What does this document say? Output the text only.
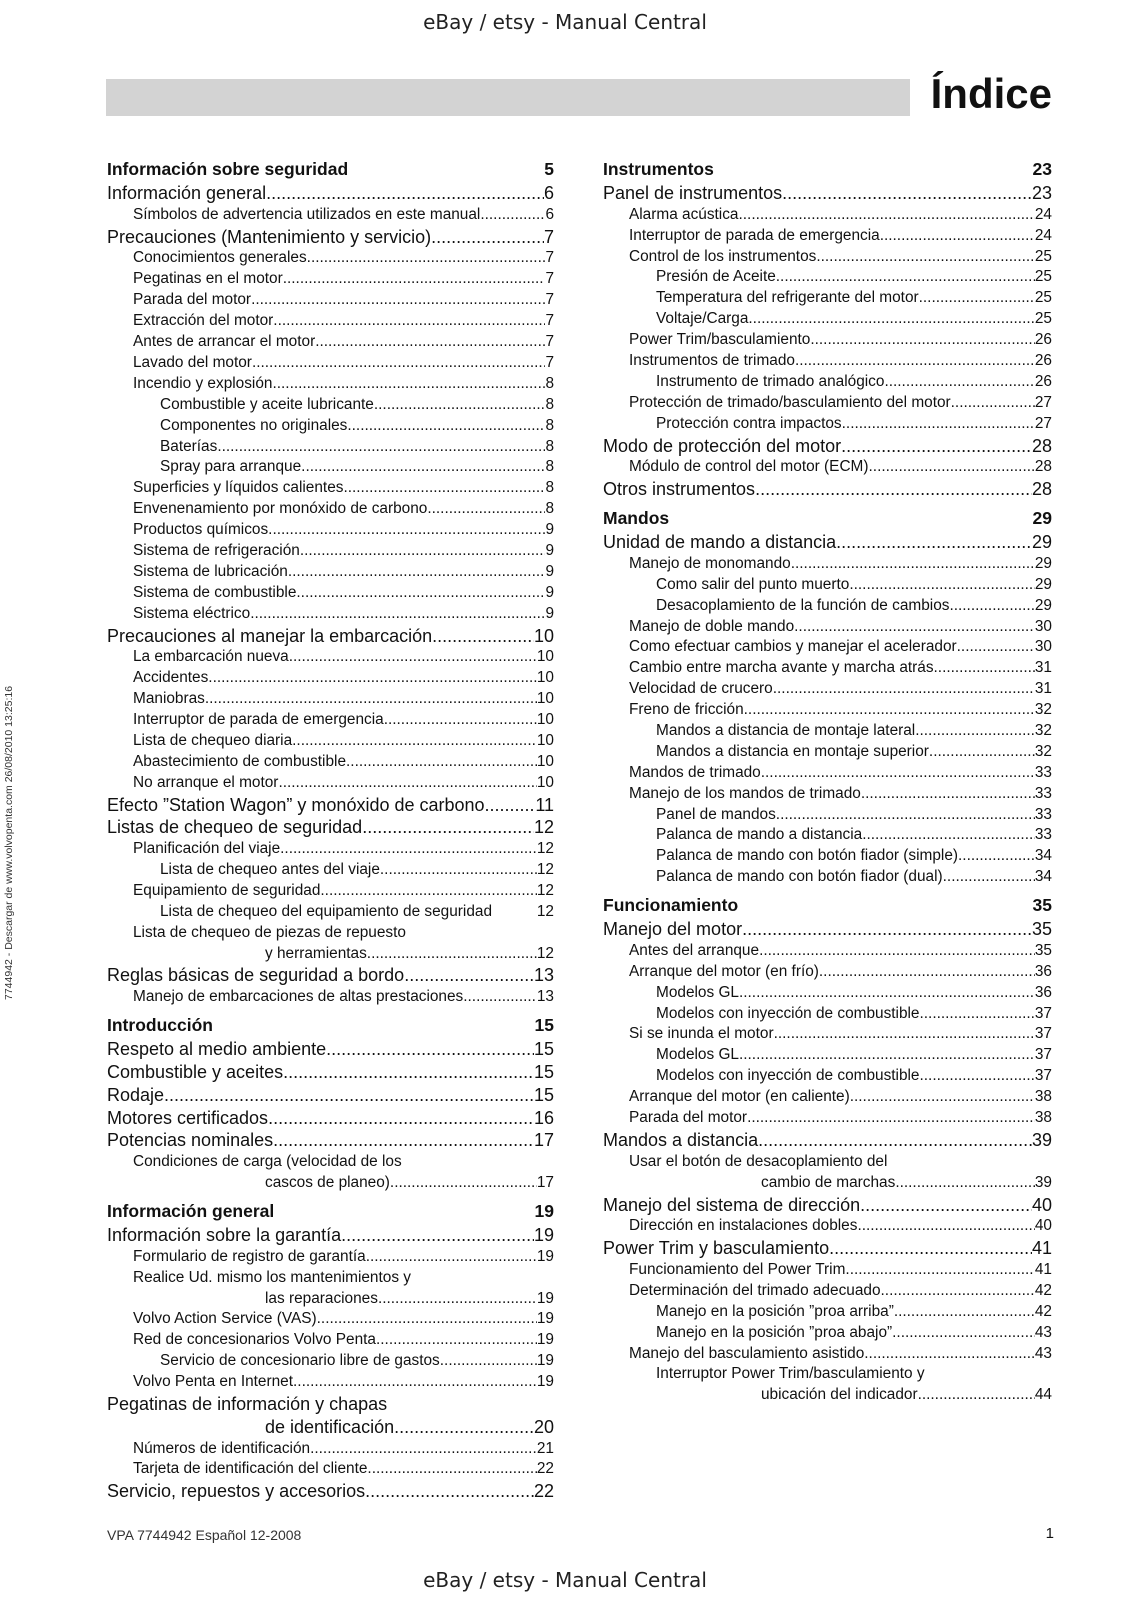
eBay / etsy - Manual Central
7744942 - Descargar de www.volvopenta.com 26/08/2010 13:25:16
Índice
Información sobre seguridad	5
Información general .....	6
Símbolos de advertencia utilizados en este manual .....	6
Precauciones (Mantenimiento y servicio) .....	7
Conocimientos generales .....	7
Pegatinas en el motor .....	7
Parada del motor .....	7
Extracción del motor .....	7
Antes de arrancar el motor .....	7
Lavado del motor .....	7
Incendio y explosión .....	8
Combustible y aceite lubricante .....	8
Componentes no originales .....	8
Baterías .....	8
Spray para arranque .....	8
Superficies y líquidos calientes .....	8
Envenenamiento por monóxido de carbono .....	8
Productos químicos .....	9
Sistema de refrigeración .....	9
Sistema de lubricación .....	9
Sistema de combustible .....	9
Sistema eléctrico .....	9
Precauciones al manejar la embarcación .....	10
La embarcación nueva .....	10
Accidentes .....	10
Maniobras .....	10
Interruptor de parada de emergencia .....	10
Lista de chequeo diaria .....	10
Abastecimiento de combustible .....	10
No arranque el motor .....	10
Efecto ”Station Wagon” y monóxido de carbono .....	11
Listas de chequeo de seguridad .....	12
Planificación del viaje .....	12
Lista de chequeo antes del viaje .....	12
Equipamiento de seguridad .....	12
Lista de chequeo del equipamiento de seguridad	12
Lista de chequeo de piezas de repuesto
y herramientas .....	12
Reglas básicas de seguridad a bordo .....	13
Manejo de embarcaciones de altas prestaciones .....	13
Introducción	15
Respeto al medio ambiente .....	15
Combustible y aceites .....	15
Rodaje .....	15
Motores certificados .....	16
Potencias nominales .....	17
Condiciones de carga (velocidad de los
cascos de planeo) .....	17
Información general	19
Información sobre la garantía .....	19
Formulario de registro de garantía .....	19
Realice Ud. mismo los mantenimientos y
las reparaciones .....	19
Volvo Action Service (VAS) .....	19
Red de concesionarios Volvo Penta .....	19
Servicio de concesionario libre de gastos .....	19
Volvo Penta en Internet .....	19
Pegatinas de información y chapas
de identificación .....	20
Números de identificación .....	21
Tarjeta de identificación del cliente .....	22
Servicio, repuestos y accesorios .....	22
Instrumentos	23
Panel de instrumentos .....	23
Alarma acústica .....	24
Interruptor de parada de emergencia .....	24
Control de los instrumentos .....	25
Presión de Aceite .....	25
Temperatura del refrigerante del motor .....	25
Voltaje/Carga .....	25
Power Trim/basculamiento .....	26
Instrumentos de trimado .....	26
Instrumento de trimado analógico .....	26
Protección de trimado/basculamiento del motor .....	27
Protección contra impactos .....	27
Modo de protección del motor .....	28
Módulo de control del motor (ECM) .....	28
Otros instrumentos .....	28
Mandos	29
Unidad de mando a distancia .....	29
Manejo de monomando .....	29
Como salir del punto muerto .....	29
Desacoplamiento de la función de cambios .....	29
Manejo de doble mando .....	30
Como efectuar cambios y manejar el acelerador .....	30
Cambio entre marcha avante y marcha atrás .....	31
Velocidad de crucero .....	31
Freno de fricción .....	32
Mandos a distancia de montaje lateral .....	32
Mandos a distancia en montaje superior .....	32
Mandos de trimado .....	33
Manejo de los mandos de trimado .....	33
Panel de mandos .....	33
Palanca de mando a distancia .....	33
Palanca de mando con botón fiador (simple) .....	34
Palanca de mando con botón fiador (dual) .....	34
Funcionamiento	35
Manejo del motor .....	35
Antes del arranque .....	35
Arranque del motor (en frío) .....	36
Modelos GL .....	36
Modelos con inyección de combustible .....	37
Si se inunda el motor .....	37
Modelos GL .....	37
Modelos con inyección de combustible .....	37
Arranque del motor (en caliente) .....	38
Parada del motor .....	38
Mandos a distancia .....	39
Usar el botón de desacoplamiento del
cambio de marchas .....	39
Manejo del sistema de dirección .....	40
Dirección en instalaciones dobles .....	40
Power Trim y basculamiento .....	41
Funcionamiento del Power Trim .....	41
Determinación del trimado adecuado .....	42
Manejo en la posición ”proa arriba” .....	42
Manejo en la posición ”proa abajo” .....	43
Manejo del basculamiento asistido .....	43
Interruptor Power Trim/basculamiento y
ubicación del indicador .....	44
VPA 7744942 Español 12-2008	1
eBay / etsy - Manual Central
